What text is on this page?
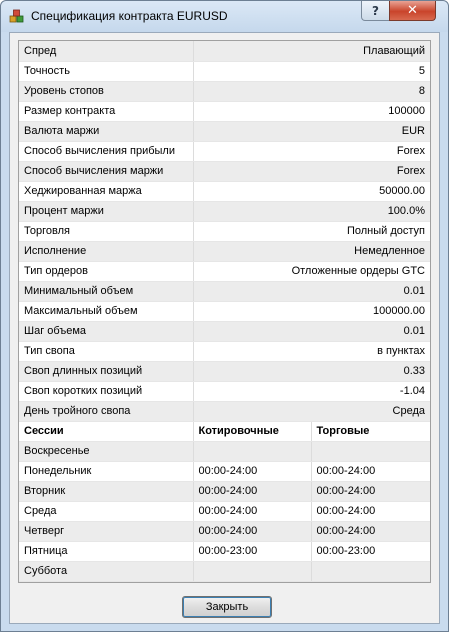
Спецификация контракта EURUSD	? ✕
Спред	Плавающий	
Точность	5	
Уровень стопов	8	
Размер контракта	100000	
Валюта маржи	EUR	
Способ вычисления прибыли	Forex	
Способ вычисления маржи	Forex	
Хеджированная маржа	50000.00	
Процент маржи	100.0%	
Торговля	Полный доступ	
Исполнение	Немедленное	
Тип ордеров	Отложенные ордеры GTC	
Минимальный объем	0.01	
Максимальный объем	100000.00	
Шаг объема	0.01	
Тип свопа	в пунктах	
Своп длинных позиций	0.33	
Своп коротких позиций	-1.04	
День тройного свопа	Среда	
Сессии	Котировочные	Торговые
Воскресенье		
Понедельник	00:00-24:00	00:00-24:00
Вторник	00:00-24:00	00:00-24:00
Среда	00:00-24:00	00:00-24:00
Четверг	00:00-24:00	00:00-24:00
Пятница	00:00-23:00	00:00-23:00
Суббота		
Закрыть
